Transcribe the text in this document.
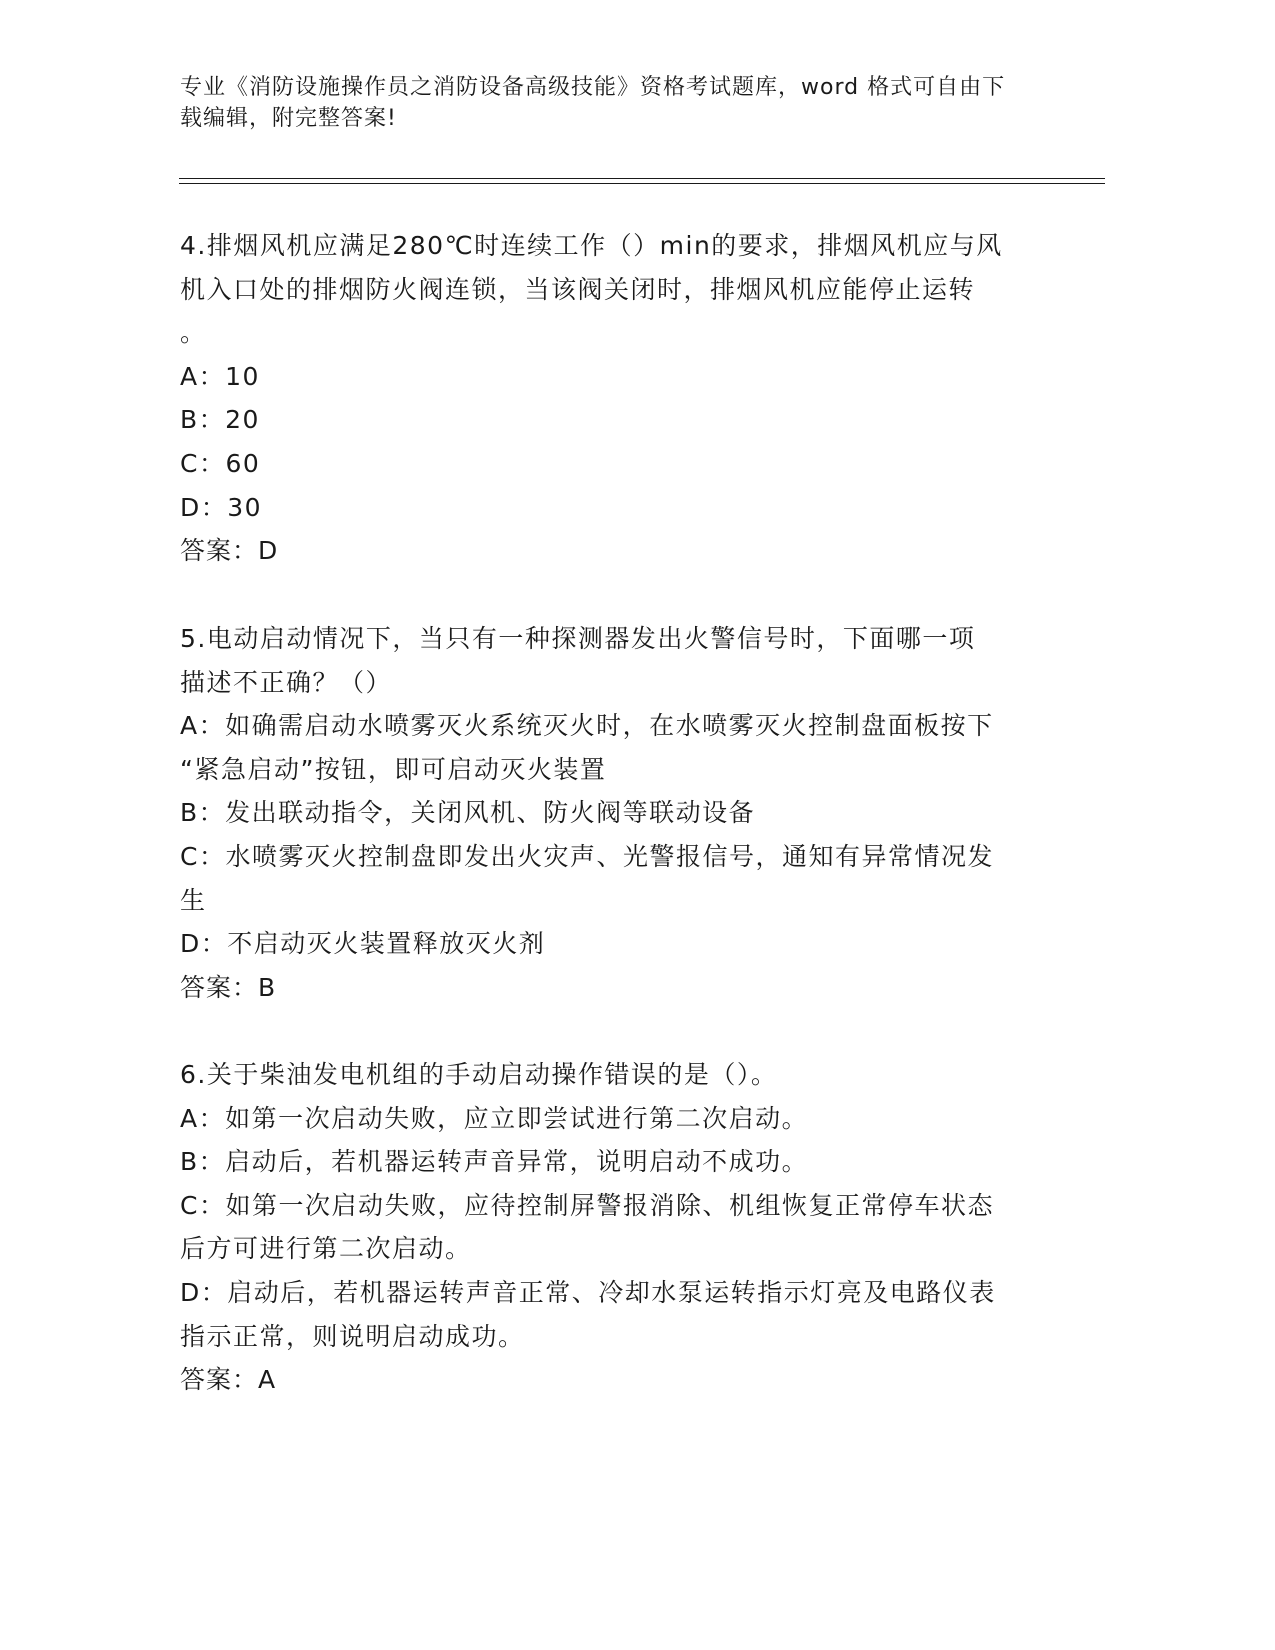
专业《消防设施操作员之消防设备高级技能》资格考试题库，word 格式可自由下
载编辑，附完整答案!
4.排烟风机应满足280℃时连续工作（）min的要求，排烟风机应与风
机入口处的排烟防火阀连锁，当该阀关闭时，排烟风机应能停止运转
。
A：10
B：20
C：60
D：30
答案：D
5.电动启动情况下，当只有一种探测器发出火警信号时，下面哪一项
描述不正确？（）
A：如确需启动水喷雾灭火系统灭火时，在水喷雾灭火控制盘面板按下
“紧急启动”按钮，即可启动灭火装置
B：发出联动指令，关闭风机、防火阀等联动设备
C：水喷雾灭火控制盘即发出火灾声、光警报信号，通知有异常情况发
生
D：不启动灭火装置释放灭火剂
答案：B
6.关于柴油发电机组的手动启动操作错误的是（）。
A：如第一次启动失败，应立即尝试进行第二次启动。
B：启动后，若机器运转声音异常，说明启动不成功。
C：如第一次启动失败，应待控制屏警报消除、机组恢复正常停车状态
后方可进行第二次启动。
D：启动后，若机器运转声音正常、冷却水泵运转指示灯亮及电路仪表
指示正常，则说明启动成功。
答案：A
